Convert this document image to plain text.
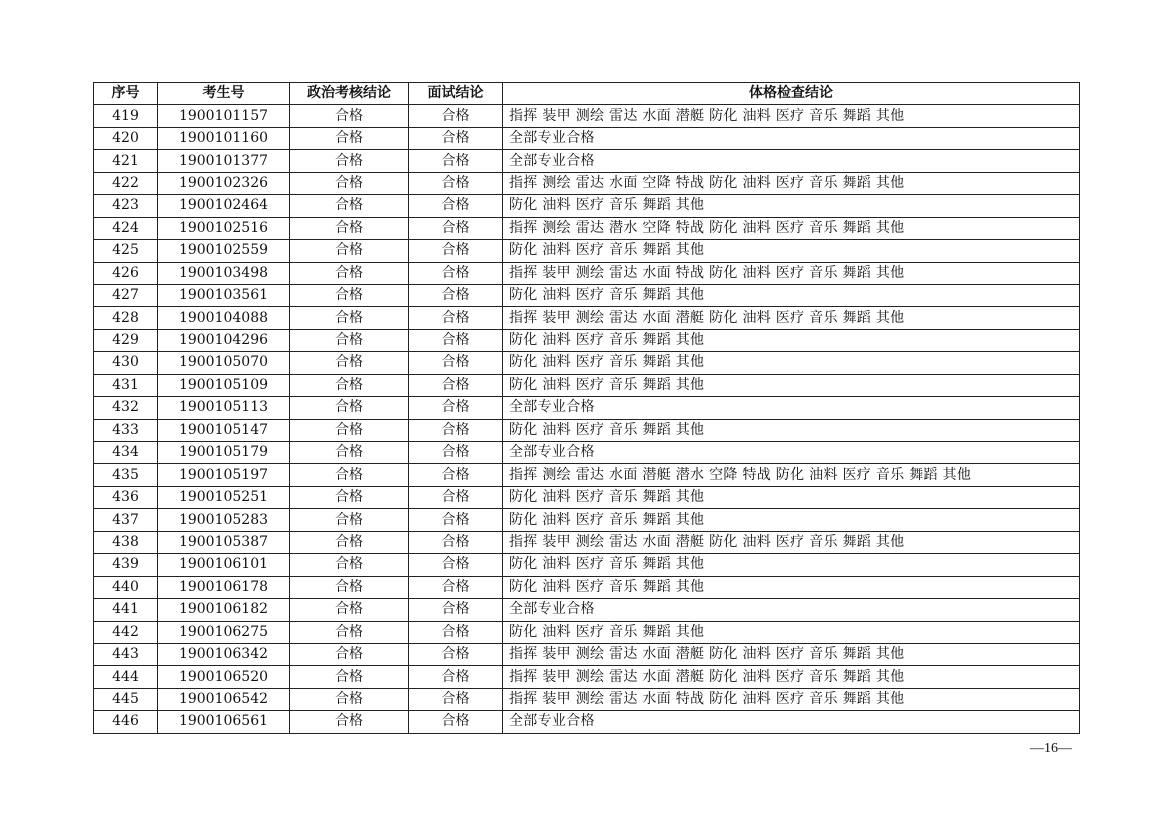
序号	考生号	政治考核结论	面试结论	体格检查结论
419	1900101157	合格	合格	指挥 装甲 测绘 雷达 水面 潜艇 防化 油料 医疗 音乐 舞蹈 其他
420	1900101160	合格	合格	全部专业合格
421	1900101377	合格	合格	全部专业合格
422	1900102326	合格	合格	指挥 测绘 雷达 水面 空降 特战 防化 油料 医疗 音乐 舞蹈 其他
423	1900102464	合格	合格	防化 油料 医疗 音乐 舞蹈 其他
424	1900102516	合格	合格	指挥 测绘 雷达 潜水 空降 特战 防化 油料 医疗 音乐 舞蹈 其他
425	1900102559	合格	合格	防化 油料 医疗 音乐 舞蹈 其他
426	1900103498	合格	合格	指挥 装甲 测绘 雷达 水面 特战 防化 油料 医疗 音乐 舞蹈 其他
427	1900103561	合格	合格	防化 油料 医疗 音乐 舞蹈 其他
428	1900104088	合格	合格	指挥 装甲 测绘 雷达 水面 潜艇 防化 油料 医疗 音乐 舞蹈 其他
429	1900104296	合格	合格	防化 油料 医疗 音乐 舞蹈 其他
430	1900105070	合格	合格	防化 油料 医疗 音乐 舞蹈 其他
431	1900105109	合格	合格	防化 油料 医疗 音乐 舞蹈 其他
432	1900105113	合格	合格	全部专业合格
433	1900105147	合格	合格	防化 油料 医疗 音乐 舞蹈 其他
434	1900105179	合格	合格	全部专业合格
435	1900105197	合格	合格	指挥 测绘 雷达 水面 潜艇 潜水 空降 特战 防化 油料 医疗 音乐 舞蹈 其他
436	1900105251	合格	合格	防化 油料 医疗 音乐 舞蹈 其他
437	1900105283	合格	合格	防化 油料 医疗 音乐 舞蹈 其他
438	1900105387	合格	合格	指挥 装甲 测绘 雷达 水面 潜艇 防化 油料 医疗 音乐 舞蹈 其他
439	1900106101	合格	合格	防化 油料 医疗 音乐 舞蹈 其他
440	1900106178	合格	合格	防化 油料 医疗 音乐 舞蹈 其他
441	1900106182	合格	合格	全部专业合格
442	1900106275	合格	合格	防化 油料 医疗 音乐 舞蹈 其他
443	1900106342	合格	合格	指挥 装甲 测绘 雷达 水面 潜艇 防化 油料 医疗 音乐 舞蹈 其他
444	1900106520	合格	合格	指挥 装甲 测绘 雷达 水面 潜艇 防化 油料 医疗 音乐 舞蹈 其他
445	1900106542	合格	合格	指挥 装甲 测绘 雷达 水面 特战 防化 油料 医疗 音乐 舞蹈 其他
446	1900106561	合格	合格	全部专业合格
—16—
